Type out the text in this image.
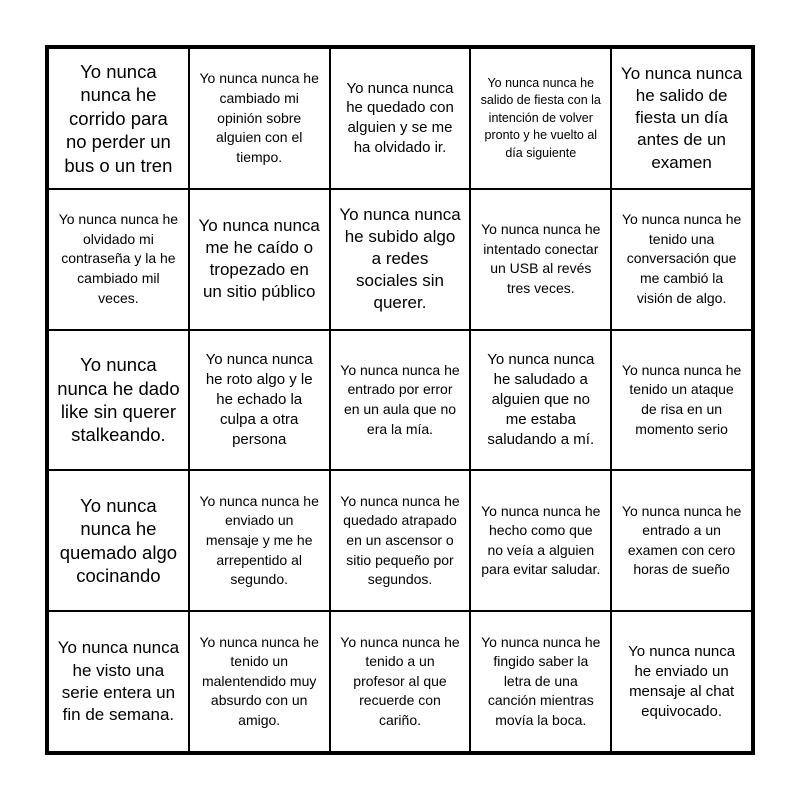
Yo nunca nunca he corrido para no perder un bus o un tren
Yo nunca nunca he cambiado mi opinión sobre alguien con el tiempo.
Yo nunca nunca he quedado con alguien y se me ha olvidado ir.
Yo nunca nunca he salido de fiesta con la intención de volver pronto y he vuelto al día siguiente
Yo nunca nunca he salido de fiesta un día antes de un examen
Yo nunca nunca he olvidado mi contraseña y la he cambiado mil veces.
Yo nunca nunca me he caído o tropezado en un sitio público
Yo nunca nunca he subido algo a redes sociales sin querer.
Yo nunca nunca he intentado conectar un USB al revés tres veces.
Yo nunca nunca he tenido una conversación que me cambió la visión de algo.
Yo nunca nunca he dado like sin querer stalkeando.
Yo nunca nunca he roto algo y le he echado la culpa a otra persona
Yo nunca nunca he entrado por error en un aula que no era la mía.
Yo nunca nunca he saludado a alguien que no me estaba saludando a mí.
Yo nunca nunca he tenido un ataque de risa en un momento serio
Yo nunca nunca he quemado algo cocinando
Yo nunca nunca he enviado un mensaje y me he arrepentido al segundo.
Yo nunca nunca he quedado atrapado en un ascensor o sitio pequeño por segundos.
Yo nunca nunca he hecho como que no veía a alguien para evitar saludar.
Yo nunca nunca he entrado a un examen con cero horas de sueño
Yo nunca nunca he visto una serie entera un fin de semana.
Yo nunca nunca he tenido un malentendido muy absurdo con un amigo.
Yo nunca nunca he tenido a un profesor al que recuerde con cariño.
Yo nunca nunca he fingido saber la letra de una canción mientras movía la boca.
Yo nunca nunca he enviado un mensaje al chat equivocado.
